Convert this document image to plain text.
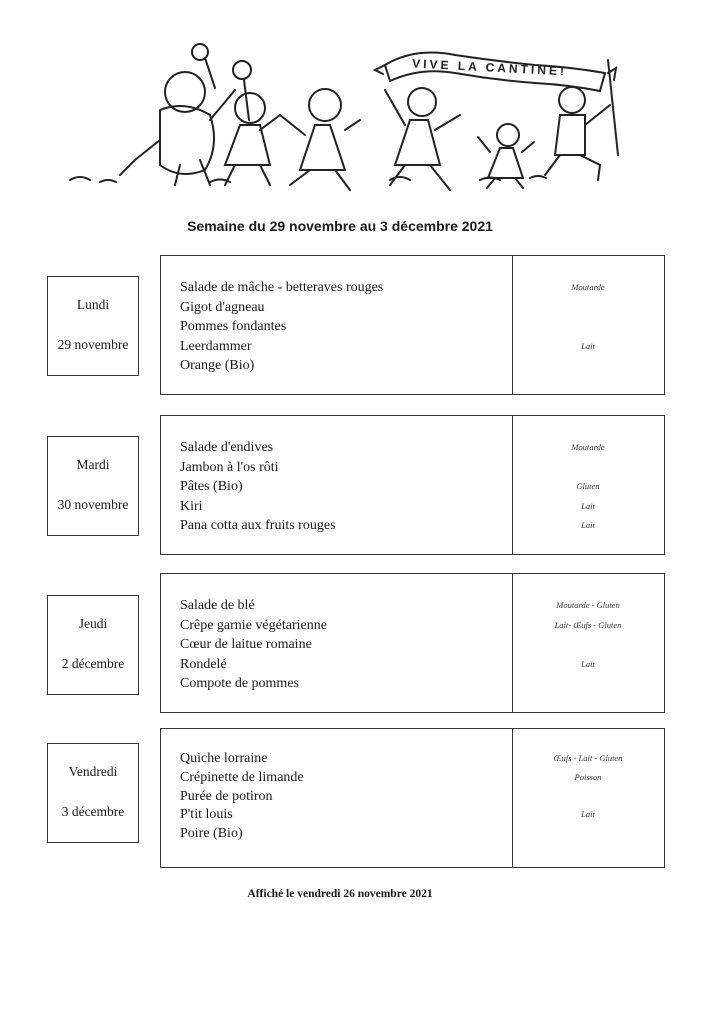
VIVE LA CANTINE!
Semaine du 29 novembre au 3 décembre 2021
Lundi
29 novembre
Salade de mâche - betteraves rouges
Gigot d'agneau
Pommes fondantes
Leerdammer
Orange (Bio)
Moutarde
Lait
Mardi
30 novembre
Salade d'endives
Jambon à l'os rôti
Pâtes (Bio)
Kiri
Pana cotta aux fruits rouges
Moutarde
Gluten
Lait
Lait
Jeudi
2 décembre
Salade de blé
Crêpe garnie végétarienne
Cœur de laitue romaine
Rondelé
Compote de pommes
Moutarde - Gluten
Lait- Œufs - Gluten
Lait
Vendredi
3 décembre
Quiche lorraine
Crépinette de limande
Purée de potiron
P'tit louis
Poire (Bio)
Œufs - Lait - Gluten
Poisson
Lait
Affiché le vendredi 26 novembre 2021
